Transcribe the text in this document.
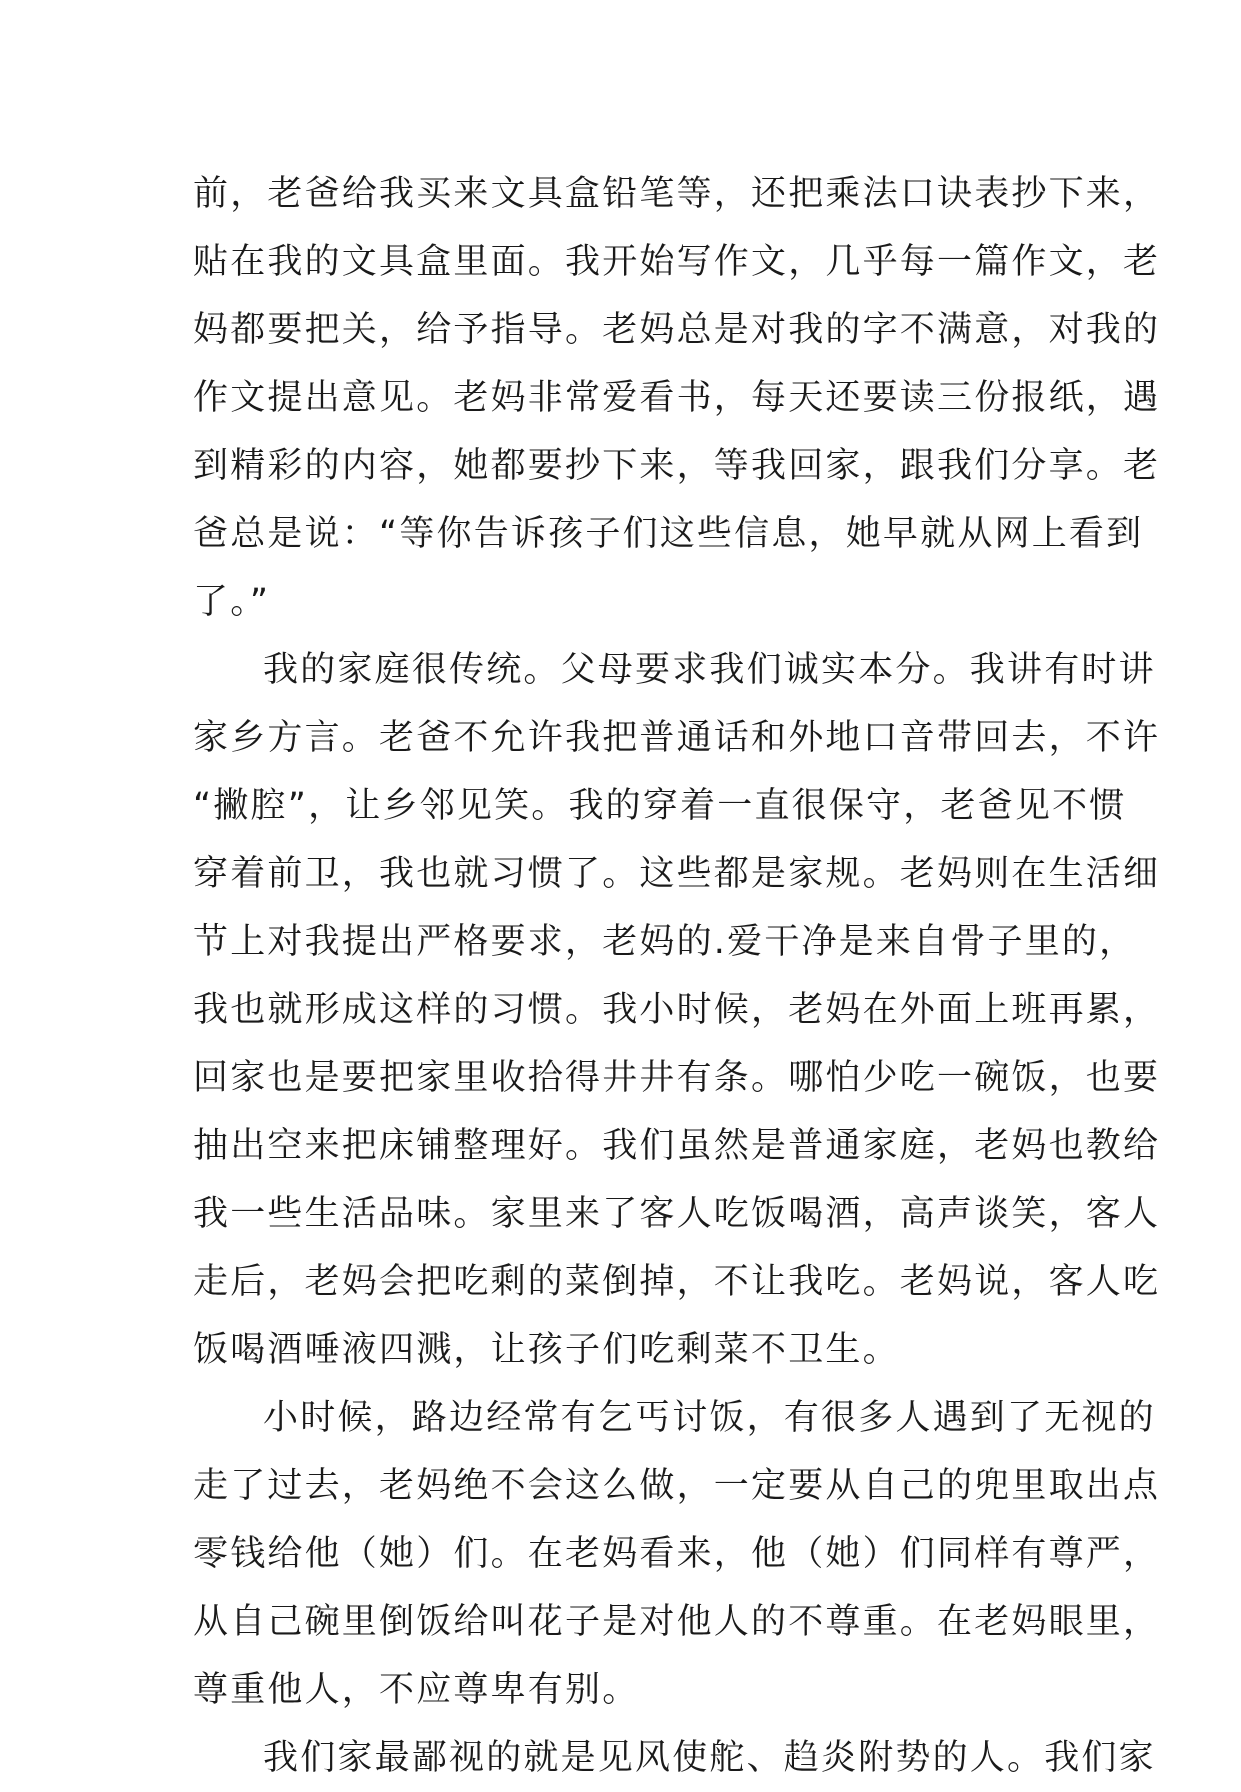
前，老爸给我买来文具盒铅笔等，还把乘法口诀表抄下来，
贴在我的文具盒里面。我开始写作文，几乎每一篇作文，老
妈都要把关，给予指导。老妈总是对我的字不满意，对我的
作文提出意见。老妈非常爱看书，每天还要读三份报纸，遇
到精彩的内容，她都要抄下来，等我回家，跟我们分享。老
爸总是说：“等你告诉孩子们这些信息，她早就从网上看到
了。”
我的家庭很传统。父母要求我们诚实本分。我讲有时讲
家乡方言。老爸不允许我把普通话和外地口音带回去，不许
“撇腔”，让乡邻见笑。我的穿着一直很保守，老爸见不惯
穿着前卫，我也就习惯了。这些都是家规。老妈则在生活细
节上对我提出严格要求，老妈的.爱干净是来自骨子里的，
我也就形成这样的习惯。我小时候，老妈在外面上班再累，
回家也是要把家里收拾得井井有条。哪怕少吃一碗饭，也要
抽出空来把床铺整理好。我们虽然是普通家庭，老妈也教给
我一些生活品味。家里来了客人吃饭喝酒，高声谈笑，客人
走后，老妈会把吃剩的菜倒掉，不让我吃。老妈说，客人吃
饭喝酒唾液四溅，让孩子们吃剩菜不卫生。
小时候，路边经常有乞丐讨饭，有很多人遇到了无视的
走了过去，老妈绝不会这么做，一定要从自己的兜里取出点
零钱给他（她）们。在老妈看来，他（她）们同样有尊严，
从自己碗里倒饭给叫花子是对他人的不尊重。在老妈眼里，
尊重他人，不应尊卑有别。
我们家最鄙视的就是见风使舵、趋炎附势的人。我们家
